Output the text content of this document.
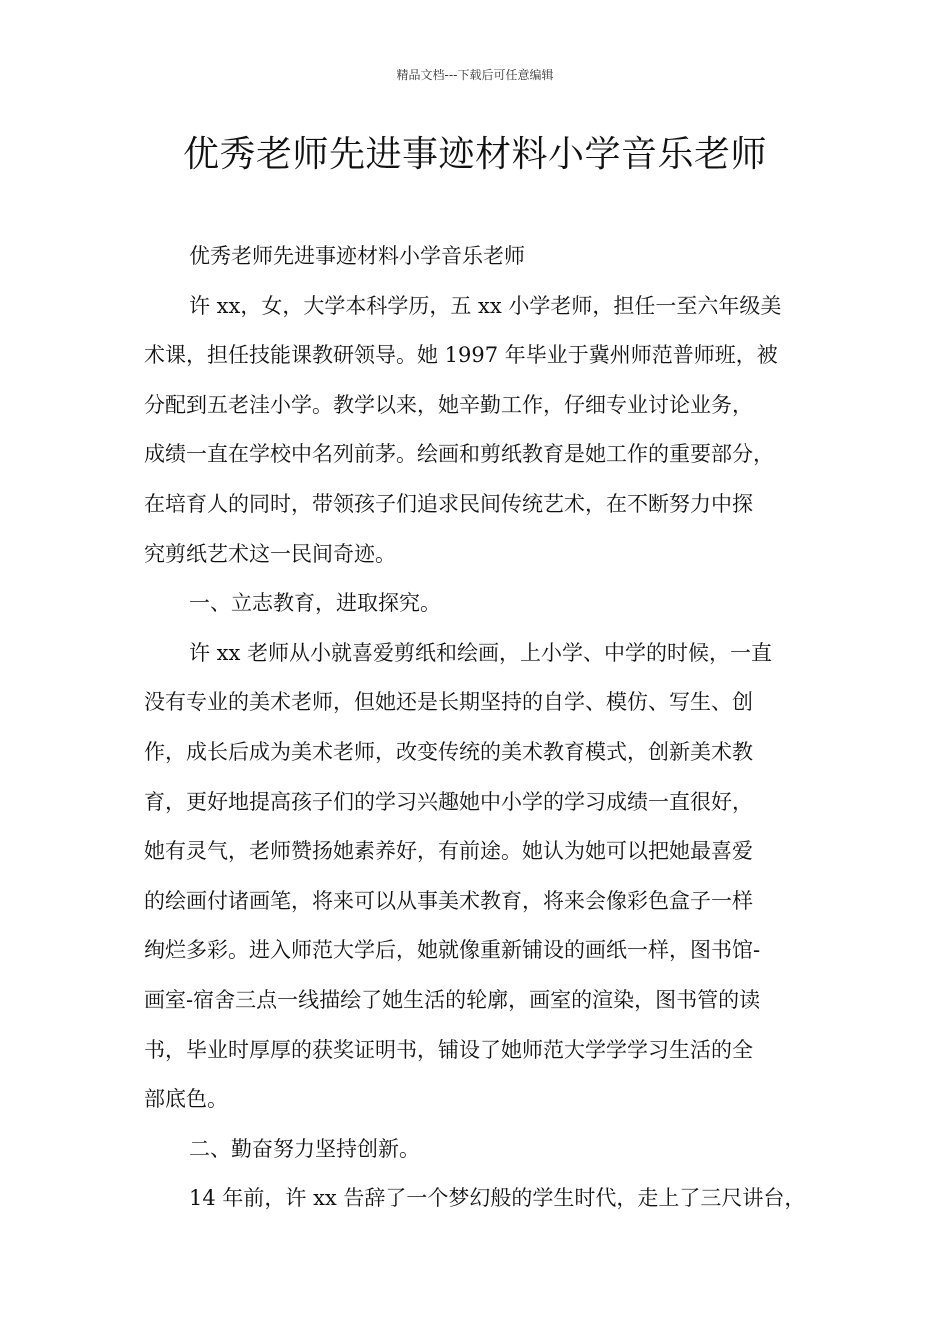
精品文档---下载后可任意编辑
优秀老师先进事迹材料小学音乐老师
优秀老师先进事迹材料小学音乐老师
许 xx，女，大学本科学历，五 xx 小学老师，担任一至六年级美
术课，担任技能课教研领导。她 1997 年毕业于冀州师范普师班，被
分配到五老洼小学。教学以来，她辛勤工作，仔细专业讨论业务，
成绩一直在学校中名列前茅。绘画和剪纸教育是她工作的重要部分，
在培育人的同时，带领孩子们追求民间传统艺术，在不断努力中探
究剪纸艺术这一民间奇迹。
一、立志教育，进取探究。
许 xx 老师从小就喜爱剪纸和绘画，上小学、中学的时候，一直
没有专业的美术老师，但她还是长期坚持的自学、模仿、写生、创
作，成长后成为美术老师，改变传统的美术教育模式，创新美术教
育，更好地提高孩子们的学习兴趣她中小学的学习成绩一直很好，
她有灵气，老师赞扬她素养好，有前途。她认为她可以把她最喜爱
的绘画付诸画笔，将来可以从事美术教育，将来会像彩色盒子一样
绚烂多彩。进入师范大学后，她就像重新铺设的画纸一样，图书馆-
画室-宿舍三点一线描绘了她生活的轮廓，画室的渲染，图书管的读
书，毕业时厚厚的获奖证明书，铺设了她师范大学学学习生活的全
部底色。
二、勤奋努力坚持创新。
14 年前，许 xx 告辞了一个梦幻般的学生时代，走上了三尺讲台，
